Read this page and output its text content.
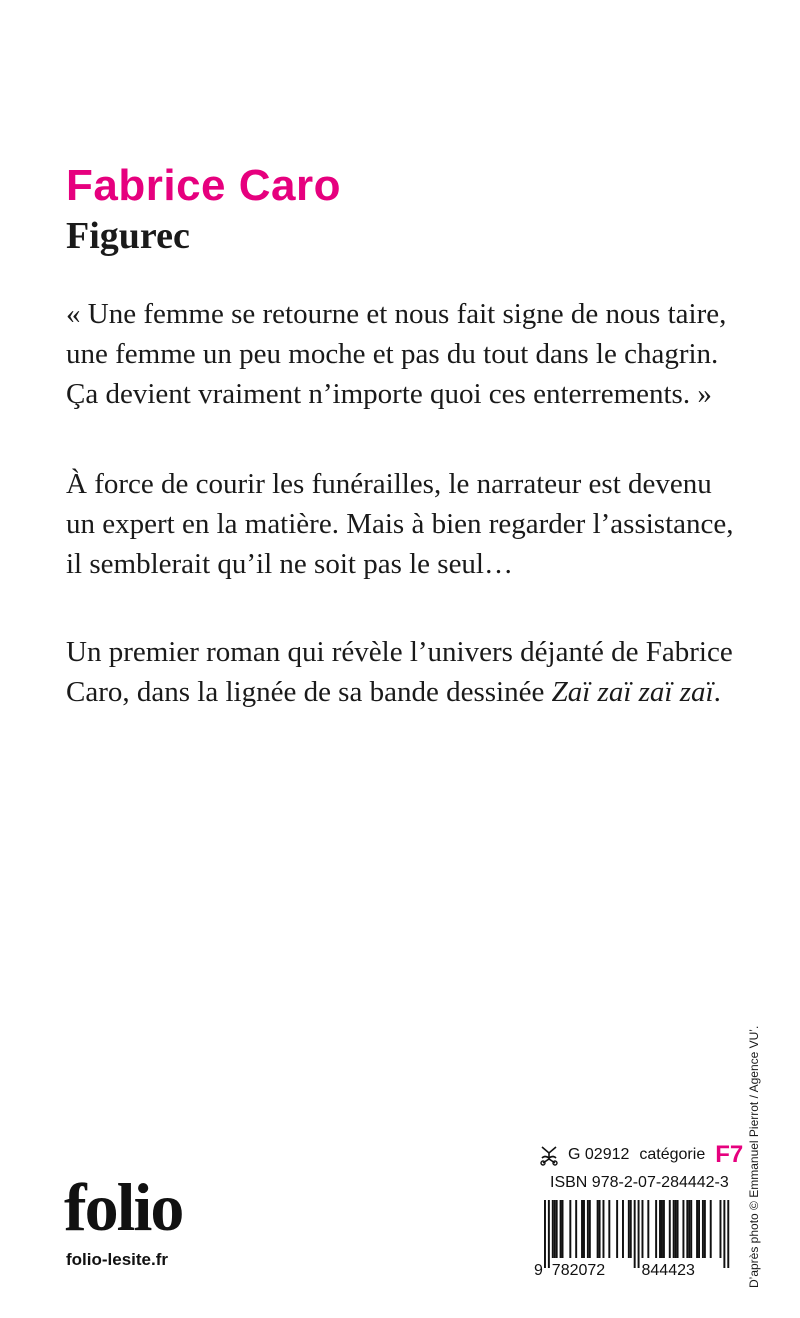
Fabrice Caro
Figurec
« Une femme se retourne et nous fait signe de nous taire,
une femme un peu moche et pas du tout dans le chagrin.
Ça devient vraiment n’importe quoi ces enterrements. »
À force de courir les funérailles, le narrateur est devenu
un expert en la matière. Mais à bien regarder l’assistance,
il semblerait qu’il ne soit pas le seul…
Un premier roman qui révèle l’univers déjanté de Fabrice
Caro, dans la lignée de sa bande dessinée Zaï zaï zaï zaï.
D’après photo © Emmanuel Pierrot / Agence VU’.
G 02912 catégorie F7

ISBN 978-2-07-284442-3

9 782072 844423

folio

folio-lesite.fr
